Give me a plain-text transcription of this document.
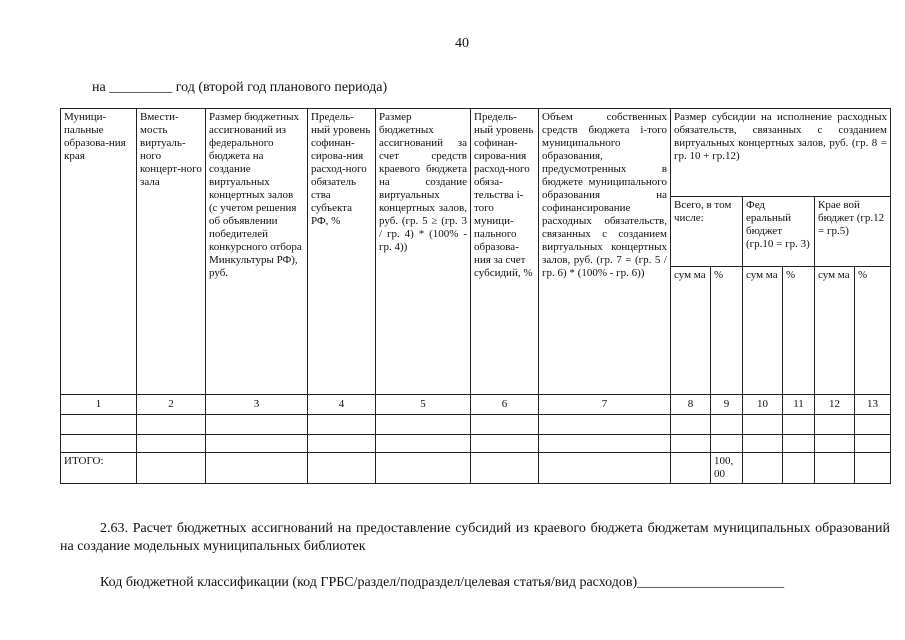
40
на _________ год (второй год планового периода)
Муници-пальные образова-ния края	Вмести-мость виртуаль-ного концерт-ного зала	Размер бюджетных ассигнований из федерального бюджета на создание виртуальных концертных залов (с учетом решения об объявлении победителей конкурсного отбора Минкультуры РФ), руб.	Предель-ный уровень софинан-сирова-ния расход-ного обязатель ства субъекта РФ, %	Размер бюджетных ассигнований за счет средств краевого бюджета на создание виртуальных концертных залов, руб. (гр. 5 ≥ (гр. 3 / гр. 4) * (100% - гр. 4))	Предель-ный уровень софинан-сирова-ния расход-ного обяза-тельства i-того муници-пального образова-ния за счет субсидий, %	Объем собственных средств бюджета i-того муниципального образования, предусмотренных в бюджете муниципального образования на софинансирование расходных обязательств, связанных с созданием виртуальных концертных залов, руб. (гр. 7 = (гр. 5 / гр. 6) * (100% - гр. 6))	Размер субсидии на исполнение расходных обязательств, связанных с созданием виртуальных концертных залов, руб. (гр. 8 = гр. 10 + гр.12)					
							Всего, в том числе:		Фед еральный бюджет (гр.10 = гр. 3)		Крае вой бюджет (гр.12 = гр.5)	
							сум ма	%	сум ма	%	сум ма	%
1	2	3	4	5	6	7	8	9	10	11	12	13

ИТОГО:								100, 00				
2.63. Расчет бюджетных ассигнований на предоставление субсидий из краевого бюджета бюджетам муниципальных образований на создание модельных муниципальных библиотек
Код бюджетной классификации (код ГРБС/раздел/подраздел/целевая статья/вид расходов)_____________________
